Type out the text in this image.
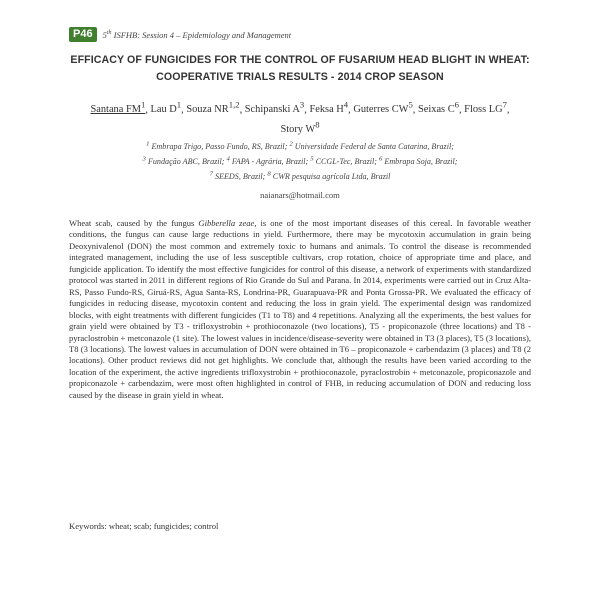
P46	5th ISFHB: Session 4 – Epidemiology and Management
EFFICACY OF FUNGICIDES FOR THE CONTROL OF FUSARIUM HEAD BLIGHT IN WHEAT: COOPERATIVE TRIALS RESULTS - 2014 CROP SEASON
Santana $FM^1$, Lau $D^1$, Souza NR$^{1,2}$, Schipanski $A^3$, Feksa $H^4$, Guterres $CW^5$, Seixas $C^6$, Floss $LG^7$, Story $W^8$
$^1$ Embrapa Trigo, Passo Fundo, RS, Brazil; $^2$ Universidade Federal de Santa Catarina, Brazil;
$^3$ Fundação ABC, Brazil; $^4$ FAPA - Agrária, Brazil; $^5$ CCGL-Tec, Brazil; $^6$ Embrapa Soja, Brazil;
$^7$ SEEDS, Brazil; $^8$ CWR pesquisa agrícola Ltda, Brazil
naianars@hotmail.com

Wheat scab, caused by the fungus Gibberella zeae, is one of the most important diseases of this cereal. In favorable weather conditions, the fungus can cause large reductions in yield. Furthermore, there may be mycotoxin accumulation in grain being Deoxynivalenol (DON) the most common and extremely toxic to humans and animals. To control the disease is recommended integrated management, including the use of less susceptible cultivars, crop rotation, choice of appropriate time and place, and fungicide application. To identify the most effective fungicides for control of this disease, a network of experiments with standardized protocol was started in 2011 in different regions of Rio Grande do Sul and Parana. In 2014, experiments were carried out in Cruz Alta-RS, Passo Fundo-RS, Giruá-RS, Agua Santa-RS, Londrina-PR, Guarapuava-PR and Ponta Grossa-PR. We evaluated the efficacy of fungicides in reducing disease, mycotoxin content and reducing the loss in grain yield. The experimental design was randomized blocks, with eight treatments with different fungicides (T1 to T8) and 4 repetitions. Analyzing all the experiments, the best values for grain yield were obtained by T3 - trifloxystrobin + prothioconazole (two locations), T5 - propiconazole (three locations) and T8 - pyraclostrobin + metconazole (1 site). The lowest values in incidence/disease-severity were obtained in T3 (3 places), T5 (3 locations), T8 (3 locations). The lowest values in accumulation of DON were obtained in T6 – propiconazole + carbendazim (3 places) and T8 (2 locations). Other product reviews did not get highlights. We conclude that, although the results have been varied according to the location of the experiment, the active ingredients trifloxystrobin + prothioconazole, pyraclostrobin + metconazole, propiconazole and propiconazole + carbendazim, were most often highlighted in control of FHB, in reducing accumulation of DON and reducing loss caused by the disease in grain yield in wheat.

Keywords: wheat; scab; fungicides; control
